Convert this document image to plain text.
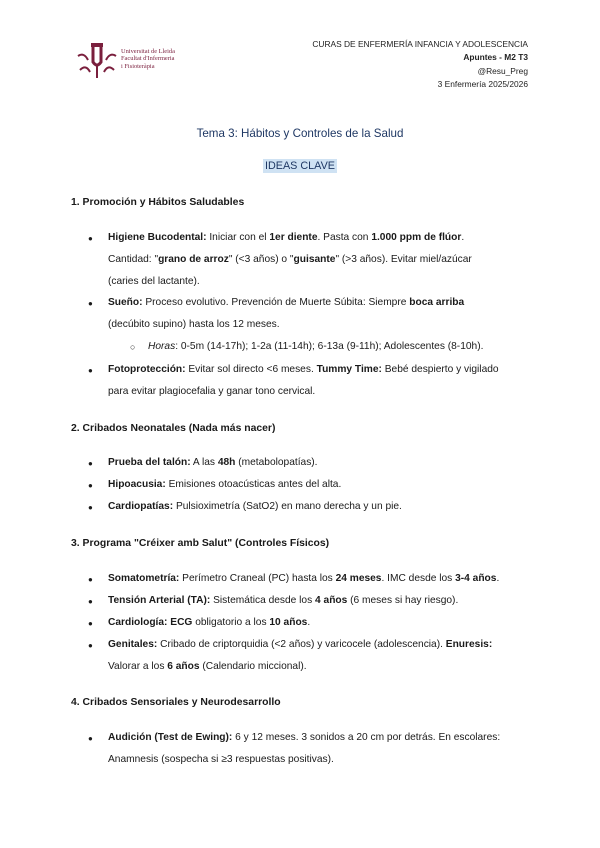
Universitat de Lleida
Facultat d'Infermeria
i Fisioteràpia
CURAS DE ENFERMERÍA INFANCIA Y ADOLESCENCIA
Apuntes - M2 T3
@Resu_Preg
3 Enfermería 2025/2026
Tema 3: Hábitos y Controles de la Salud
IDEAS CLAVE
1. Promoción y Hábitos Saludables
● Higiene Bucodental: Iniciar con el 1er diente. Pasta con 1.000 ppm de flúor.
Cantidad: "grano de arroz" (<3 años) o "guisante" (>3 años). Evitar miel/azúcar
(caries del lactante).
● Sueño: Proceso evolutivo. Prevención de Muerte Súbita: Siempre boca arriba
(decúbito supino) hasta los 12 meses.
○ Horas: 0-5m (14-17h); 1-2a (11-14h); 6-13a (9-11h); Adolescentes (8-10h).
● Fotoprotección: Evitar sol directo <6 meses. Tummy Time: Bebé despierto y vigilado
para evitar plagiocefalia y ganar tono cervical.
2. Cribados Neonatales (Nada más nacer)
● Prueba del talón: A las 48h (metabolopatías).
● Hipoacusia: Emisiones otoacústicas antes del alta.
● Cardiopatías: Pulsioximetría (SatO2) en mano derecha y un pie.
3. Programa "Créixer amb Salut" (Controles Físicos)
● Somatometría: Perímetro Craneal (PC) hasta los 24 meses. IMC desde los 3-4 años.
● Tensión Arterial (TA): Sistemática desde los 4 años (6 meses si hay riesgo).
● Cardiología: ECG obligatorio a los 10 años.
● Genitales: Cribado de criptorquidia (<2 años) y varicocele (adolescencia). Enuresis:
Valorar a los 6 años (Calendario miccional).
4. Cribados Sensoriales y Neurodesarrollo
● Audición (Test de Ewing): 6 y 12 meses. 3 sonidos a 20 cm por detrás. En escolares:
Anamnesis (sospecha si ≥3 respuestas positivas).
